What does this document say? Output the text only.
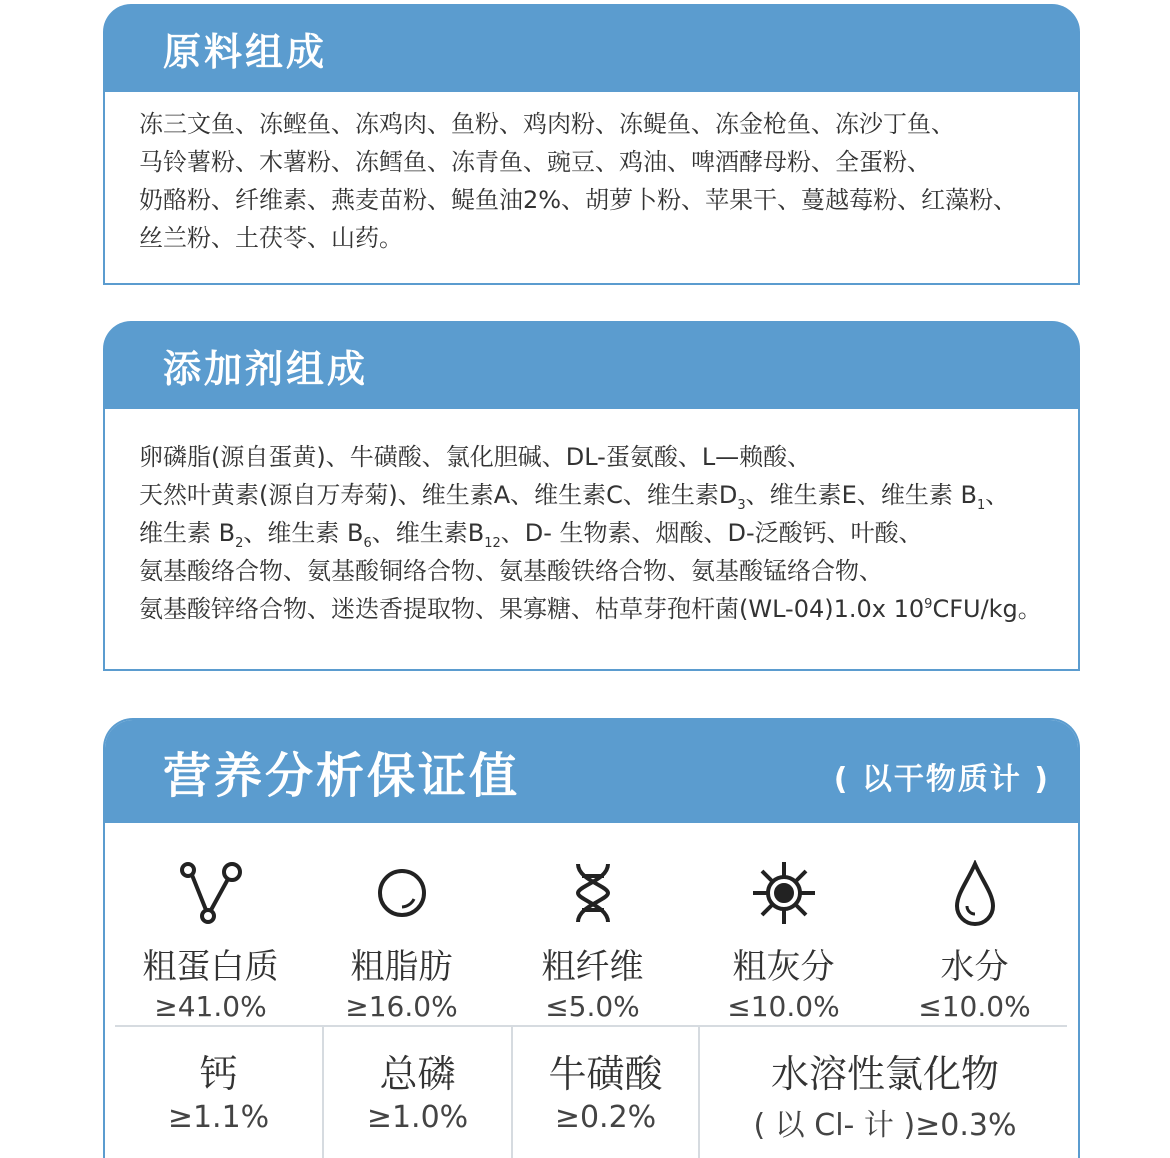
原料组成

冻三文鱼、冻鲣鱼、冻鸡肉、鱼粉、鸡肉粉、冻鳀鱼、冻金枪鱼、冻沙丁鱼、

马铃薯粉、木薯粉、冻鳕鱼、冻青鱼、豌豆、鸡油、啤酒酵母粉、全蛋粉、

奶酪粉、纤维素、燕麦苗粉、鳀鱼油2%、胡萝卜粉、苹果干、蔓越莓粉、红藻粉、

丝兰粉、土茯苓、山药。

添加剂组成

卵磷脂(源自蛋黄)、牛磺酸、氯化胆碱、DL-蛋氨酸、L—赖酸、

天然叶黄素(源自万寿菊)、维生素A、维生素C、维生素$D_3$、维生素E、维生素 $B_1$、

维生素 $B_2$、维生素 $B_6$、维生素$B_{12}$、D- 生物素、烟酸、D-泛酸钙、叶酸、

氨基酸络合物、氨基酸铜络合物、氨基酸铁络合物、氨基酸锰络合物、

氨基酸锌络合物、迷迭香提取物、果寡糖、枯草芽孢杆菌(WL-04)1.0x $10^9CFU/kg$。

营养分析保证值	( 以干物质计 )
粗蛋白质
≥41.0%
粗脂肪
≥16.0%
粗纤维
≤5.0%
粗灰分
≤10.0%
水分
≤10.0%
钙
≥1.1%
总磷
≥1.0%
牛磺酸
≥0.2%
水溶性氯化物
( 以 Cl- 计 )≥0.3%
